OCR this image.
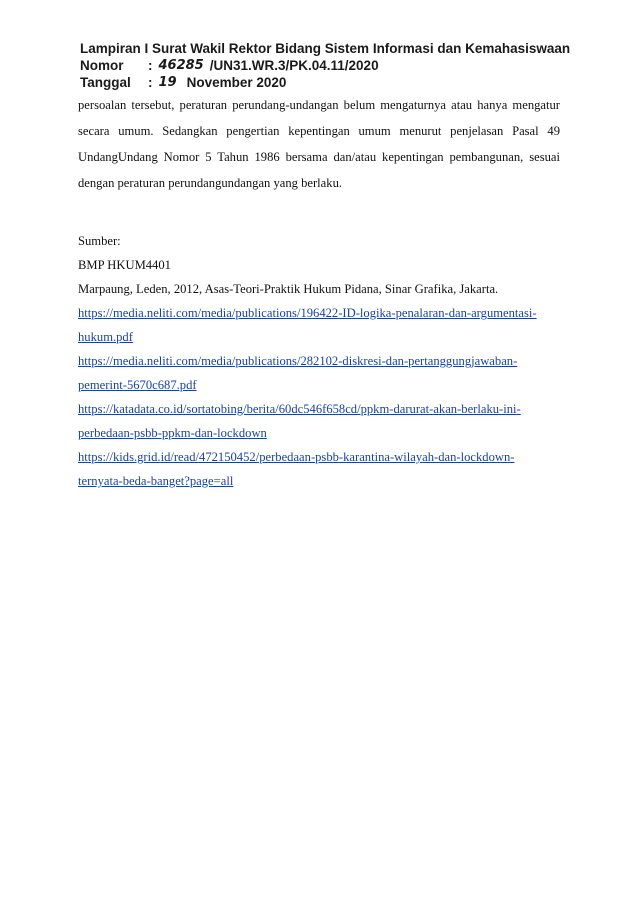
Lampiran I Surat Wakil Rektor Bidang Sistem Informasi dan Kemahasiswaan
Nomor	: 46285 /UN31.WR.3/PK.04.11/2020
Tanggal	: 19 November 2020

persoalan tersebut, peraturan perundang-undangan belum mengaturnya atau hanya mengatur

secara umum. Sedangkan pengertian kepentingan umum menurut penjelasan Pasal 49

UndangUndang Nomor 5 Tahun 1986 bersama dan/atau kepentingan pembangunan, sesuai

dengan peraturan perundangundangan yang berlaku.

Sumber:
BMP HKUM4401
Marpaung, Leden, 2012, Asas-Teori-Praktik Hukum Pidana, Sinar Grafika, Jakarta.
https://media.neliti.com/media/publications/196422-ID-logika-penalaran-dan-argumentasi-
hukum.pdf
https://media.neliti.com/media/publications/282102-diskresi-dan-pertanggungjawaban-
pemerint-5670c687.pdf
https://katadata.co.id/sortatobing/berita/60dc546f658cd/ppkm-darurat-akan-berlaku-ini-
perbedaan-psbb-ppkm-dan-lockdown
https://kids.grid.id/read/472150452/perbedaan-psbb-karantina-wilayah-dan-lockdown-
ternyata-beda-banget?page=all
